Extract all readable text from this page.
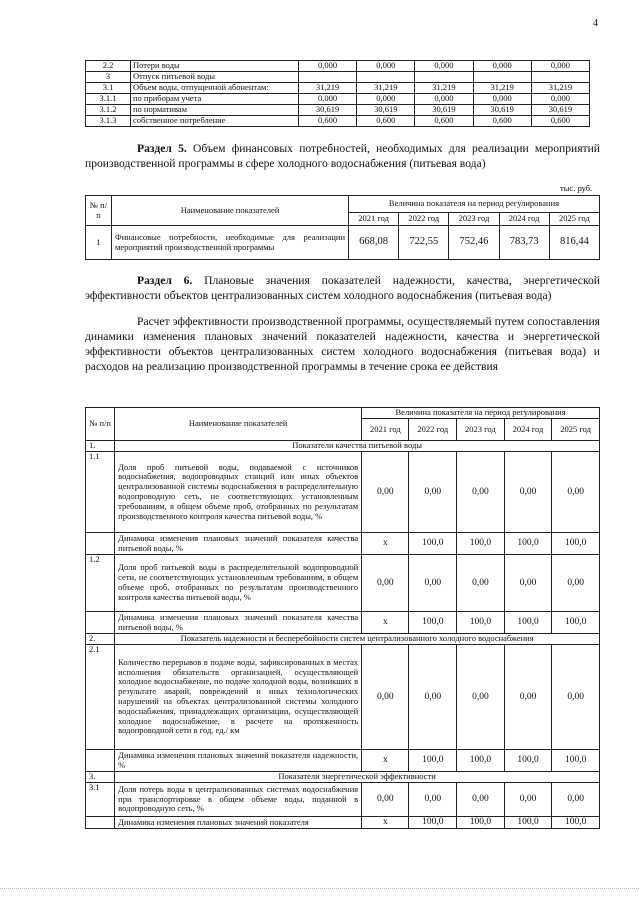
4
2.2	Потери воды	0,000	0,000	0,000	0,000	0,000
3	Отпуск питьевой воды					
3.1	Объем воды, отпущенной абонентам:	31,219	31,219	31,219	31,219	31,219
3.1.1	по приборам учета	0,000	0,000	0,000	0,000	0,000
3.1.2	по нормативам	30,619	30,619	30,619	30,619	30,619
3.1.3	собственное потребление	0,600	0,600	0,600	0,600	0,600
Раздел 5. Объем финансовых потребностей, необходимых для реализации мероприятий производственной программы в сфере холодного водоснабжения (питьевая вода)
тыс. руб.
№ п/п	Наименование показателей	Величина показателя на период регулирования				
		2021 год	2022 год	2023 год	2024 год	2025 год
1	Финансовые потребности, необходимые для реализации мероприятий производственной программы	668,08	722,55	752,46	783,73	816,44
Раздел 6. Плановые значения показателей надежности, качества, энергетической эффективности объектов централизованных систем холодного водоснабжения (питьевая вода)
Расчет эффективности производственной программы, осуществляемый путем сопоставления динамики изменения плановых значений показателей надежности, качества и энергетической эффективности объектов централизованных систем холодного водоснабжения (питьевая вода) и расходов на реализацию производственной программы в течение срока ее действия
№ п/п	Наименование показателей	Величина показателя на период регулирования				
		2021 год	2022 год	2023 год	2024 год	2025 год
1.	Показатели качества питьевой воды					
1.1	Доля проб питьевой воды, подаваемой с источников водоснабжения, водопроводных станций или иных объектов централизованной системы водоснабжения в распределительную водопроводную сеть, не соответствующих установленным требованиям, в общем объеме проб, отобранных по результатам производственного контроля качества питьевой воды, %	0,00	0,00	0,00	0,00	0,00
	Динамика изменения плановых значений показателя качества питьевой воды, %	х	100,0	100,0	100,0	100,0
1.2	Доля проб питьевой воды в распределительной водопроводной сети, не соответствующих установленным требованиям, в общем объеме проб, отобранных по результатам производственного контроля качества питьевой воды, %	0,00	0,00	0,00	0,00	0,00
	Динамика изменения плановых значений показателя качества питьевой воды, %	х	100,0	100,0	100,0	100,0
2.	Показатель надежности и бесперебойности систем централизованного холодного водоснабжения					
2.1	Количество перерывов в подаче воды, зафиксированных в местах исполнения обязательств организацией, осуществляющей холодное водоснабжение, по подаче холодной воды, возникших в результате аварий, повреждений и иных технологических нарушений на объектах централизованной системы холодного водоснабжения, принадлежащих организации, осуществляющей холодное водоснабжение, в расчете на протяженность водопроводной сети в год, ед./ км	0,00	0,00	0,00	0,00	0,00
	Динамика изменения плановых значений показателя надежности, %	х	100,0	100,0	100,0	100,0
3.	Показатели энергетической эффективности					
3.1	Доля потерь воды в централизованных системах водоснабжения при транспортировке в общем объеме воды, поданной в водопроводную сеть, %	0,00	0,00	0,00	0,00	0,00
	Динамика изменения плановых значений показателя	х	100,0	100,0	100,0	100,0
